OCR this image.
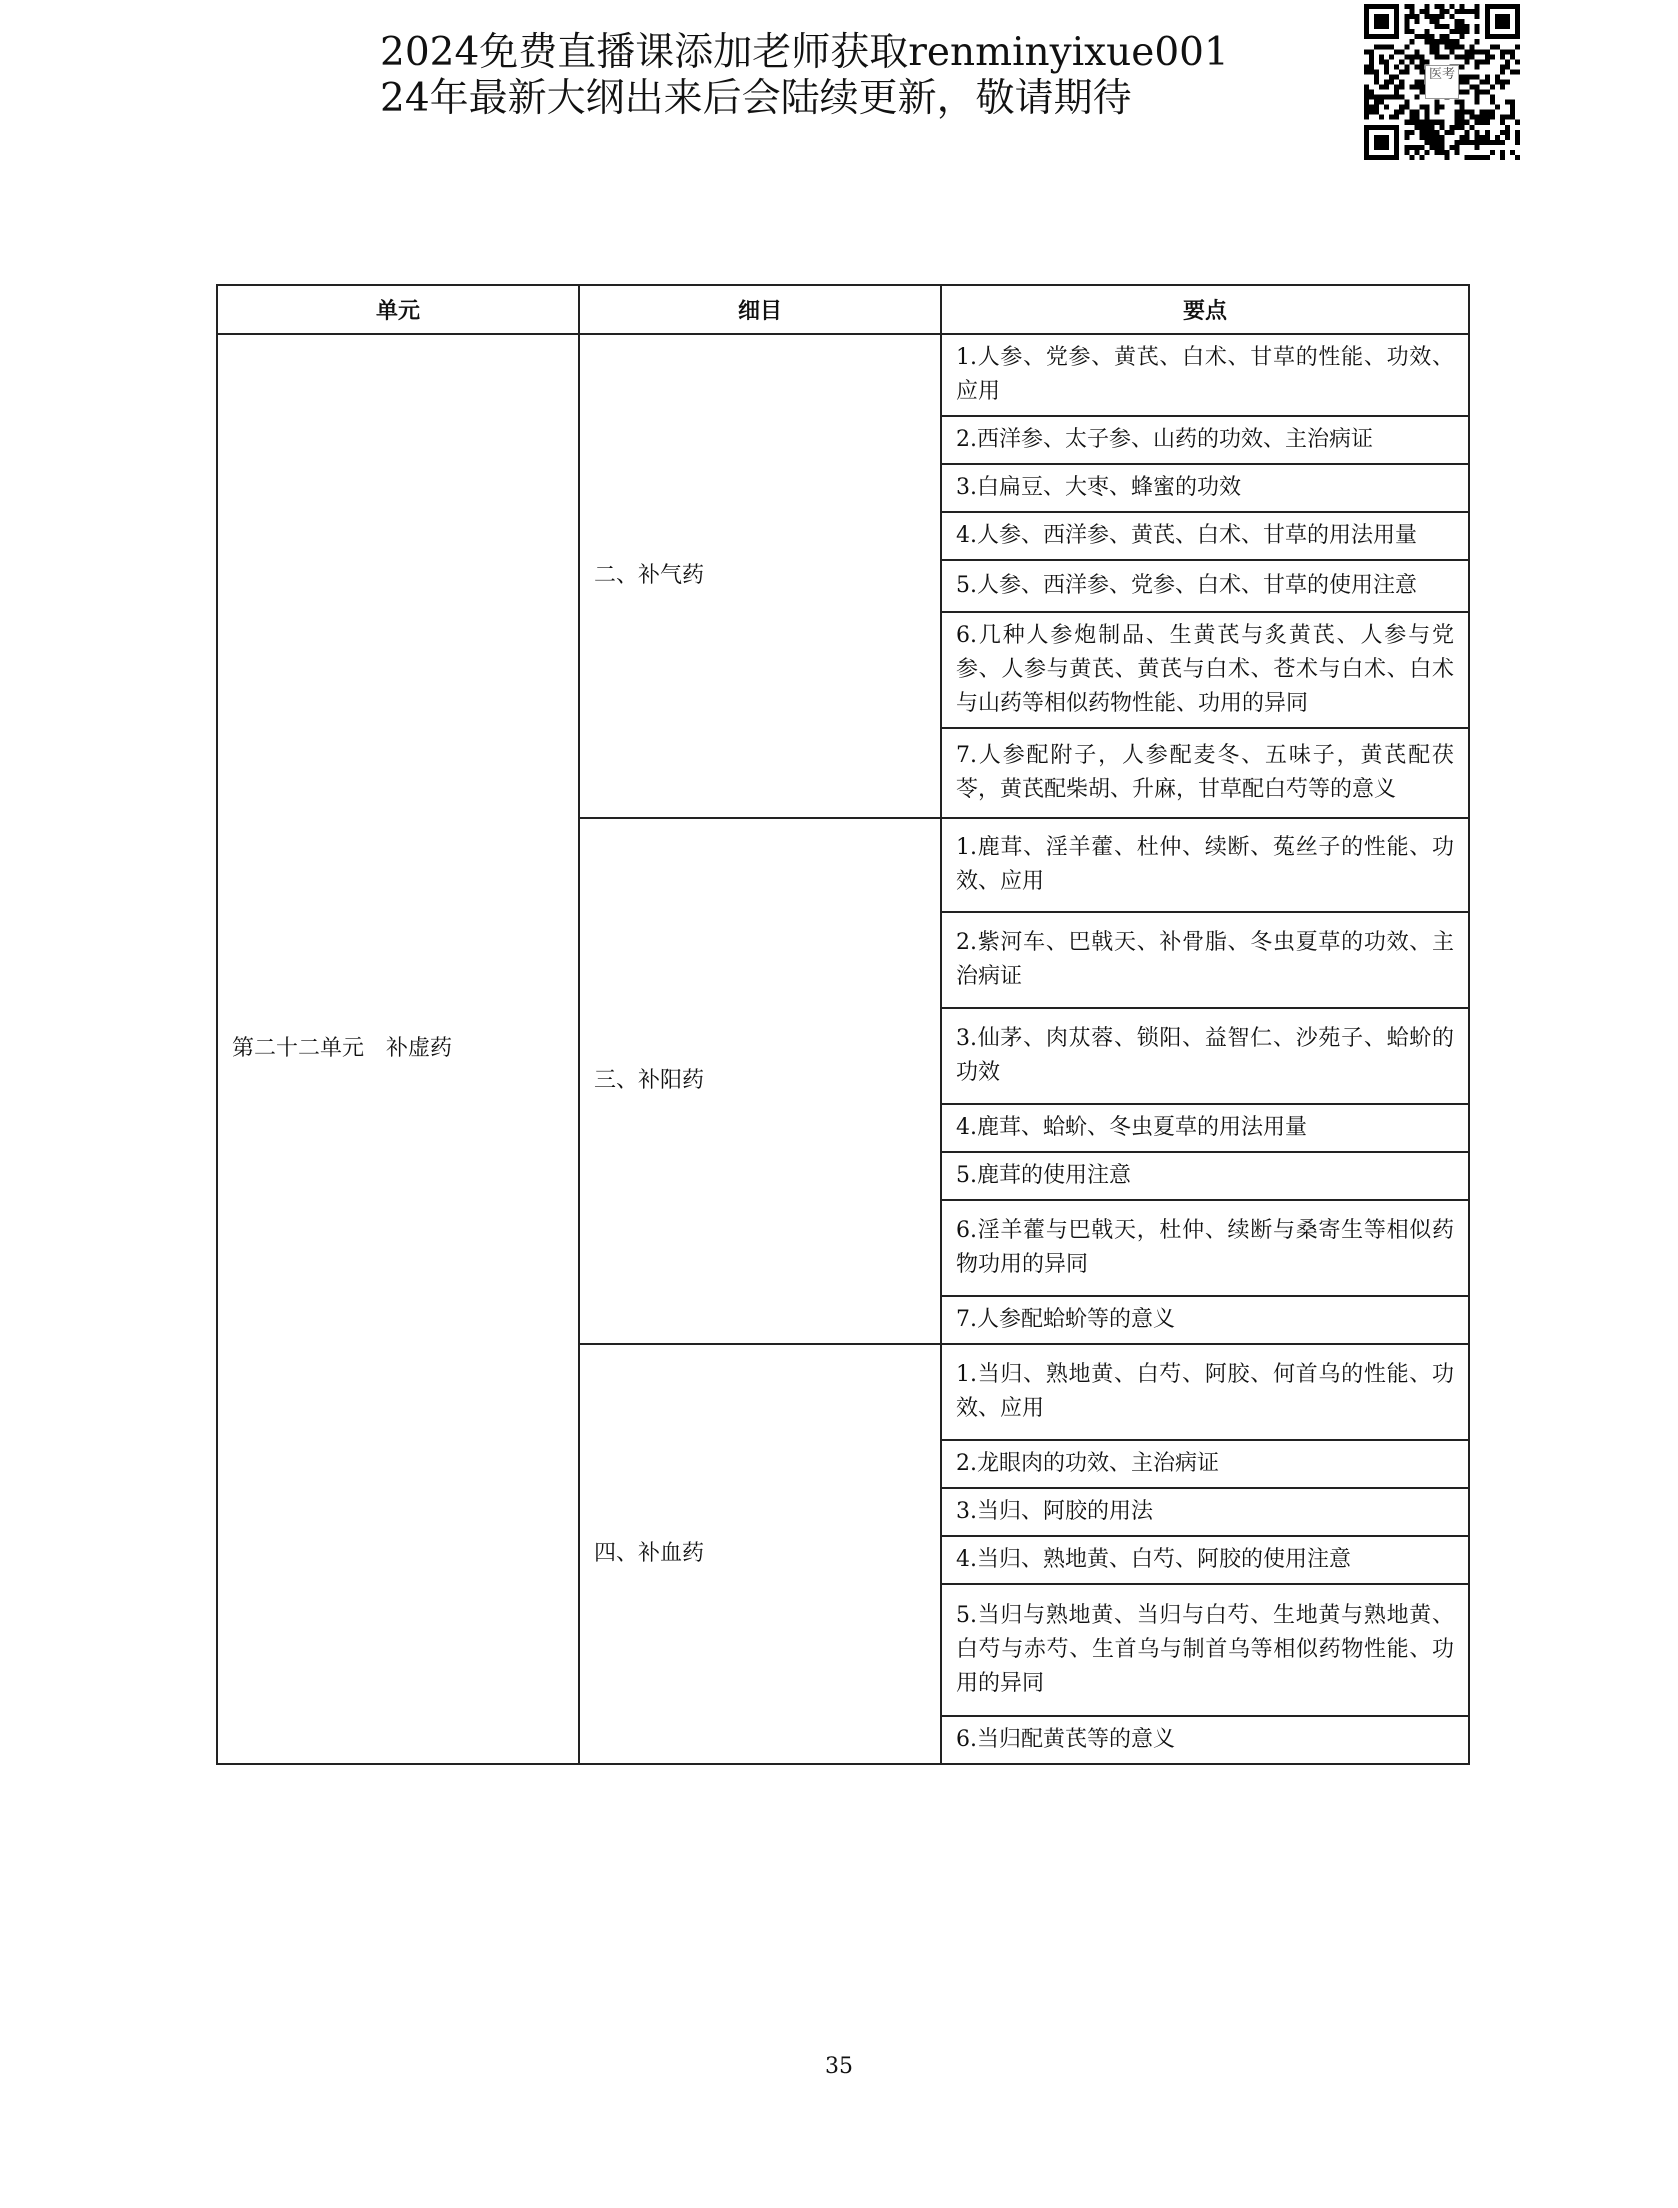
2024免费直播课添加老师获取renminyixue001
24年最新大纲出来后会陆续更新，敬请期待
医考
单元	细目	要点
第二十二单元　补虚药	二、补气药	1.人参、党参、黄芪、白术、甘草的性能、功效、应用
		2.西洋参、太子参、山药的功效、主治病证
		3.白扁豆、大枣、蜂蜜的功效
		4.人参、西洋参、黄芪、白术、甘草的用法用量
		5.人参、西洋参、党参、白术、甘草的使用注意
		6.几种人参炮制品、生黄芪与炙黄芪、人参与党参、人参与黄芪、黄芪与白术、苍术与白术、白术与山药等相似药物性能、功用的异同
		7.人参配附子，人参配麦冬、五味子，黄芪配茯苓，黄芪配柴胡、升麻，甘草配白芍等的意义
	三、补阳药	1.鹿茸、淫羊藿、杜仲、续断、菟丝子的性能、功效、应用
		2.紫河车、巴戟天、补骨脂、冬虫夏草的功效、主治病证
		3.仙茅、肉苁蓉、锁阳、益智仁、沙苑子、蛤蚧的功效
		4.鹿茸、蛤蚧、冬虫夏草的用法用量
		5.鹿茸的使用注意
		6.淫羊藿与巴戟天，杜仲、续断与桑寄生等相似药物功用的异同
		7.人参配蛤蚧等的意义
	四、补血药	1.当归、熟地黄、白芍、阿胶、何首乌的性能、功效、应用
		2.龙眼肉的功效、主治病证
		3.当归、阿胶的用法
		4.当归、熟地黄、白芍、阿胶的使用注意
		5.当归与熟地黄、当归与白芍、生地黄与熟地黄、白芍与赤芍、生首乌与制首乌等相似药物性能、功用的异同
		6.当归配黄芪等的意义
35
